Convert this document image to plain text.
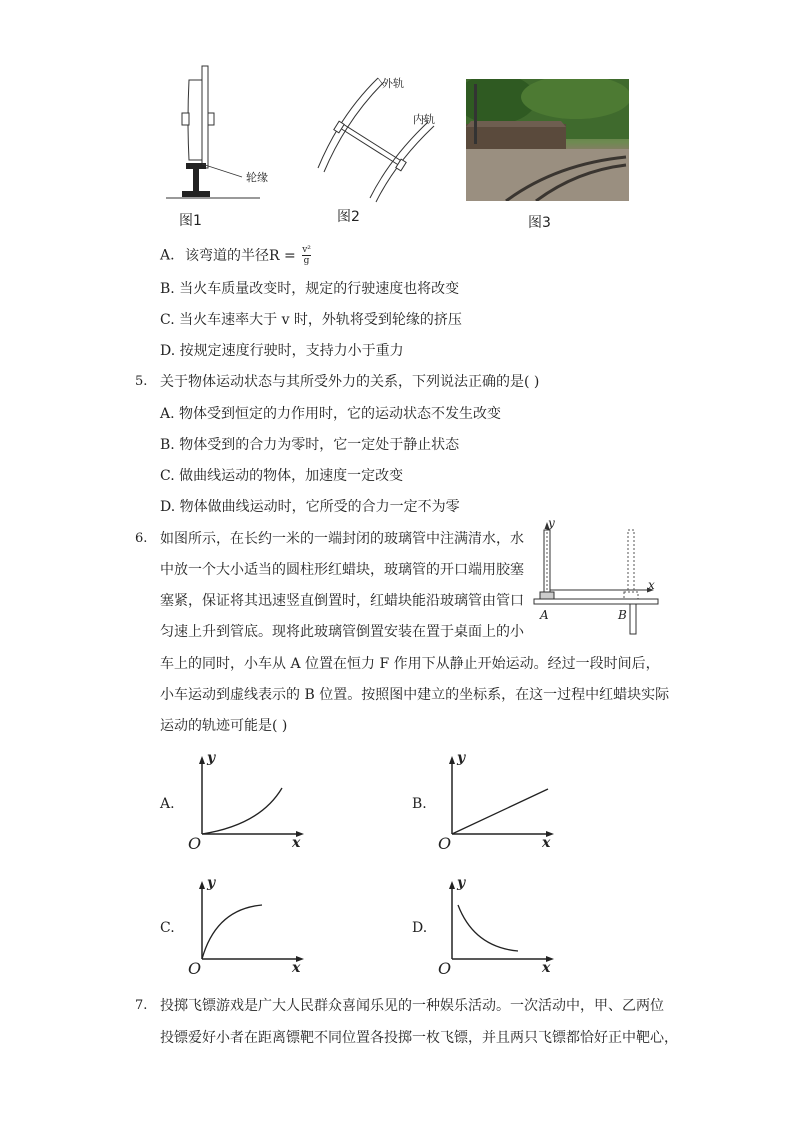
轮缘
图1
外轨
内轨
图2	图3
A. 该弯道的半径$R = \frac{\text{v²}}{g}$
B. 当火车质量改变时，规定的行驶速度也将改变
C. 当火车速率大于 v 时，外轨将受到轮缘的挤压
D. 按规定速度行驶时，支持力小于重力
5. 关于物体运动状态与其所受外力的关系，下列说法正确的是( )
A. 物体受到恒定的力作用时，它的运动状态不发生改变
B. 物体受到的合力为零时，它一定处于静止状态
C. 做曲线运动的物体，加速度一定改变
D. 物体做曲线运动时，它所受的合力一定不为零
6. 如图所示，在长约一米的一端封闭的玻璃管中注满清水，水
中放一个大小适当的圆柱形红蜡块，玻璃管的开口端用胶塞
塞紧，保证将其迅速竖直倒置时，红蜡块能沿玻璃管由管口
匀速上升到管底。现将此玻璃管倒置安装在置于桌面上的小
车上的同时，小车从 A 位置在恒力 F 作用下从静止开始运动。经过一段时间后，
小车运动到虚线表示的 B 位置。按照图中建立的坐标系，在这一过程中红蜡块实际
运动的轨迹可能是( )
y
x
A	B
A.
y
x
O
B.
y
x
O
C.
y
x
O
D.
y
x
O
7. 投掷飞镖游戏是广大人民群众喜闻乐见的一种娱乐活动。一次活动中，甲、乙两位
投镖爱好小者在距离镖靶不同位置各投掷一枚飞镖，并且两只飞镖都恰好正中靶心，
